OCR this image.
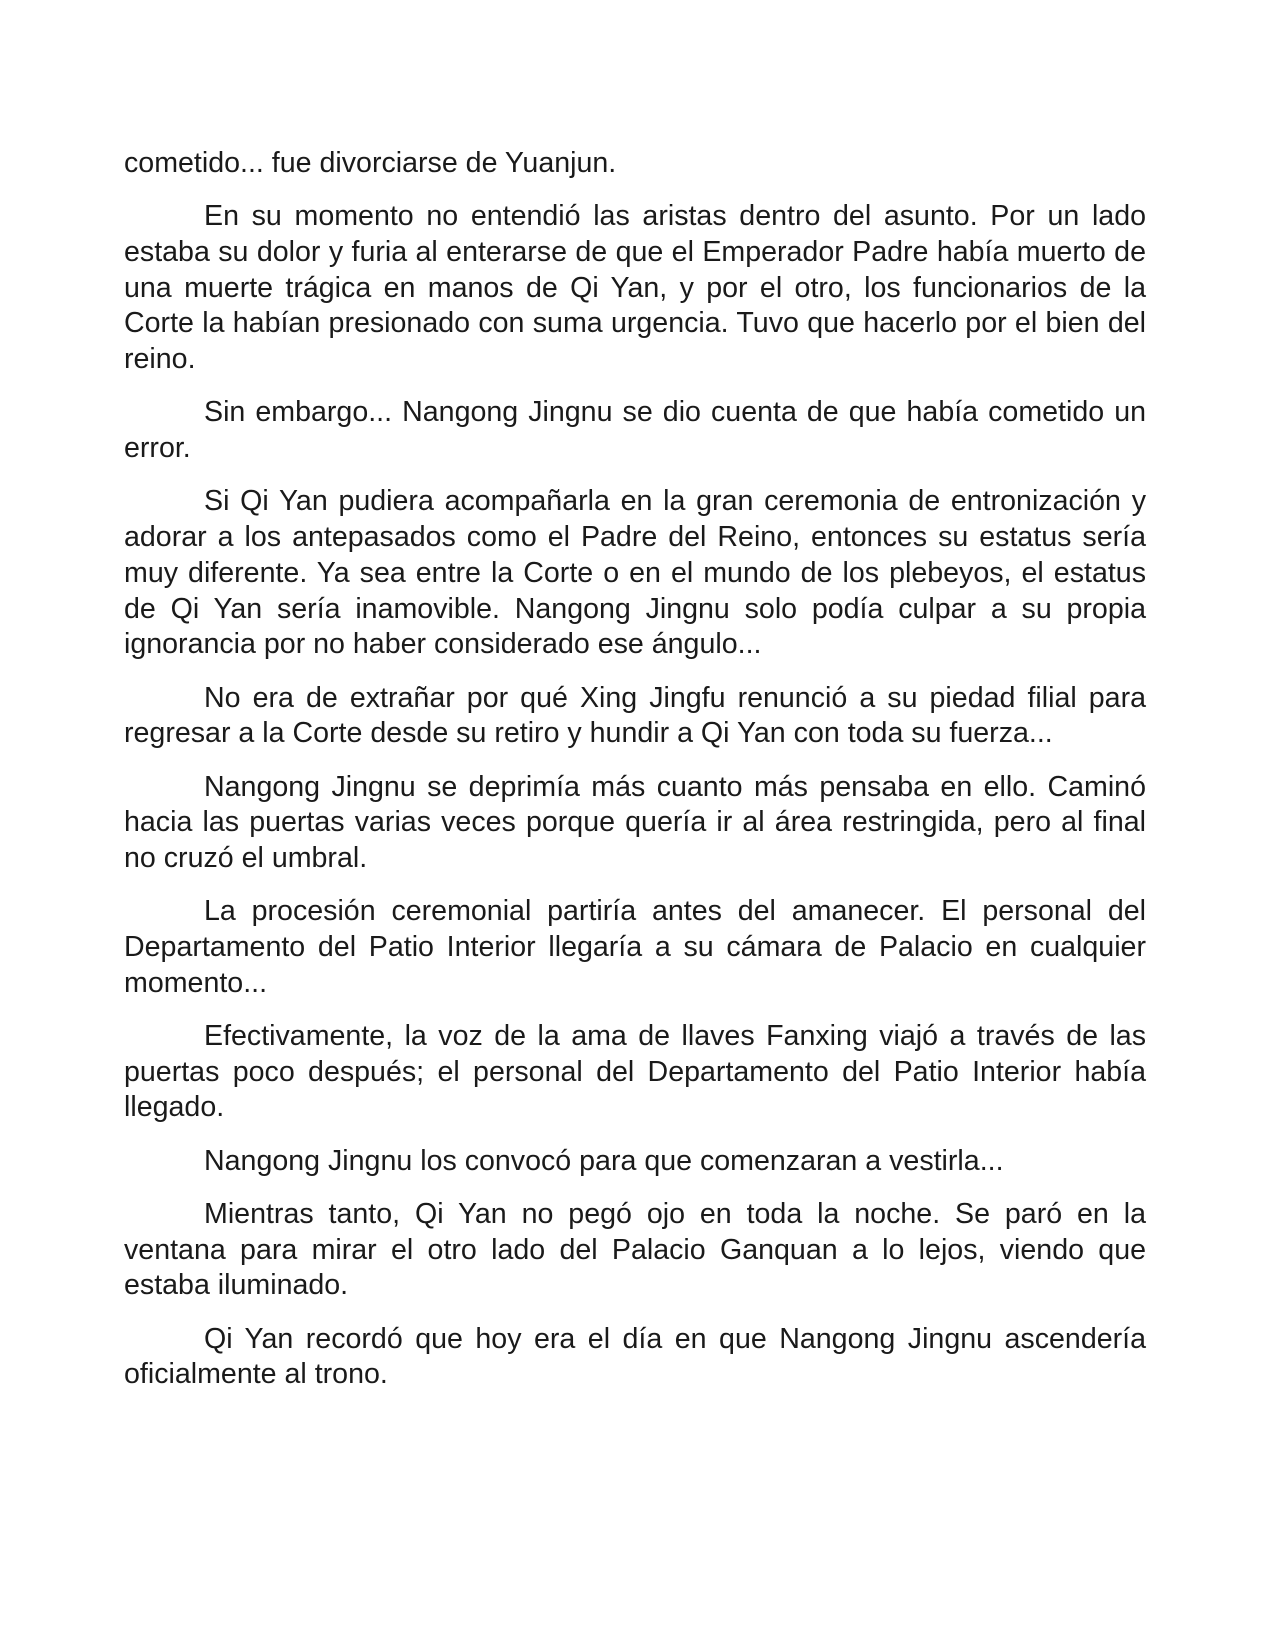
cometido... fue divorciarse de Yuanjun.

En su momento no entendió las aristas dentro del asunto. Por un lado estaba su dolor y furia al enterarse de que el Emperador Padre había muerto de una muerte trágica en manos de Qi Yan, y por el otro, los funcionarios de la Corte la habían presionado con suma urgencia. Tuvo que hacerlo por el bien del reino.

Sin embargo... Nangong Jingnu se dio cuenta de que había cometido un error.

Si Qi Yan pudiera acompañarla en la gran ceremonia de entronización y adorar a los antepasados como el Padre del Reino, entonces su estatus sería muy diferente. Ya sea entre la Corte o en el mundo de los plebeyos, el estatus de Qi Yan sería inamovible. Nangong Jingnu solo podía culpar a su propia ignorancia por no haber considerado ese ángulo...

No era de extrañar por qué Xing Jingfu renunció a su piedad filial para regresar a la Corte desde su retiro y hundir a Qi Yan con toda su fuerza...

Nangong Jingnu se deprimía más cuanto más pensaba en ello. Caminó hacia las puertas varias veces porque quería ir al área restringida, pero al final no cruzó el umbral.

La procesión ceremonial partiría antes del amanecer. El personal del Departamento del Patio Interior llegaría a su cámara de Palacio en cualquier momento...

Efectivamente, la voz de la ama de llaves Fanxing viajó a través de las puertas poco después; el personal del Departamento del Patio Interior había llegado.

Nangong Jingnu los convocó para que comenzaran a vestirla...

Mientras tanto, Qi Yan no pegó ojo en toda la noche. Se paró en la ventana para mirar el otro lado del Palacio Ganquan a lo lejos, viendo que estaba iluminado.

Qi Yan recordó que hoy era el día en que Nangong Jingnu ascendería oficialmente al trono.
